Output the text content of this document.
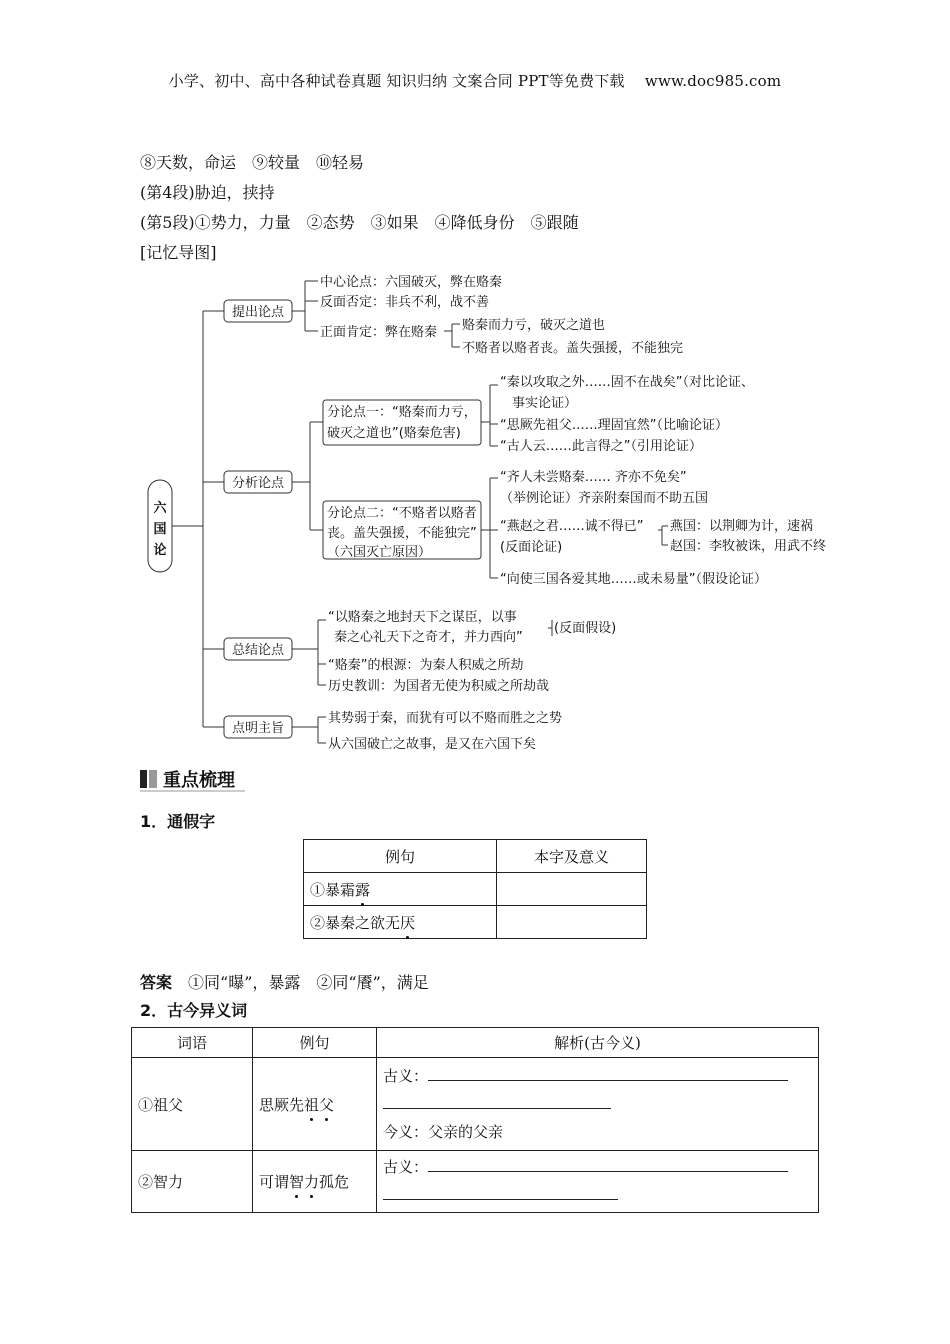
小学、初中、高中各种试卷真题 知识归纳 文案合同 PPT等免费下载　 www.doc985.com
⑧天数，命运　⑨较量　⑩轻易
(第4段)胁迫，挟持
(第5段)①势力，力量　②态势　③如果　④降低身份　⑤跟随
[记忆导图]
六
国
论
提出论点
中心论点：六国破灭，弊在赂秦
反面否定：非兵不利，战不善
正面肯定：弊在赂秦 赂秦而力亏，破灭之道也
不赂者以赂者丧。盖失强援，不能独完
分析论点
分论点一：“赂秦而力亏，
破灭之道也”(赂秦危害)
“秦以攻取之外……固不在战矣”（对比论证、
事实论证）
“思厥先祖父……理固宜然”（比喻论证）
“古人云……此言得之”（引用论证）
分论点二：“不赂者以赂者
丧。盖失强援，不能独完”
（六国灭亡原因）
“齐人未尝赂秦…… 齐亦不免矣”
（举例论证）齐亲附秦国而不助五国
“燕赵之君……诚不得已”
(反面论证)
“向使三国各爱其地……或未易量”（假设论证）
燕国：以荆卿为计，速祸
赵国：李牧被诛，用武不终
总结论点
“以赂秦之地封天下之谋臣，以事
秦之心礼天下之奇才，并力西向”
(反面假设)
“赂秦”的根源：为秦人积威之所劫
历史教训：为国者无使为积威之所劫哉
点明主旨
其势弱于秦，而犹有可以不赂而胜之之势
从六国破亡之故事，是又在六国下矣
重点梳理
1．通假字
例句	本字及意义
①暴霜露	
②暴秦之欲无厌	
答案　 ①同“曝”，暴露　②同“餍”，满足
2．古今异义词
词语	例句	解析(古今义)
①祖父	思厥先祖父	古义：
今义：父亲的父亲

②智力	可谓智力孤危	古义：
